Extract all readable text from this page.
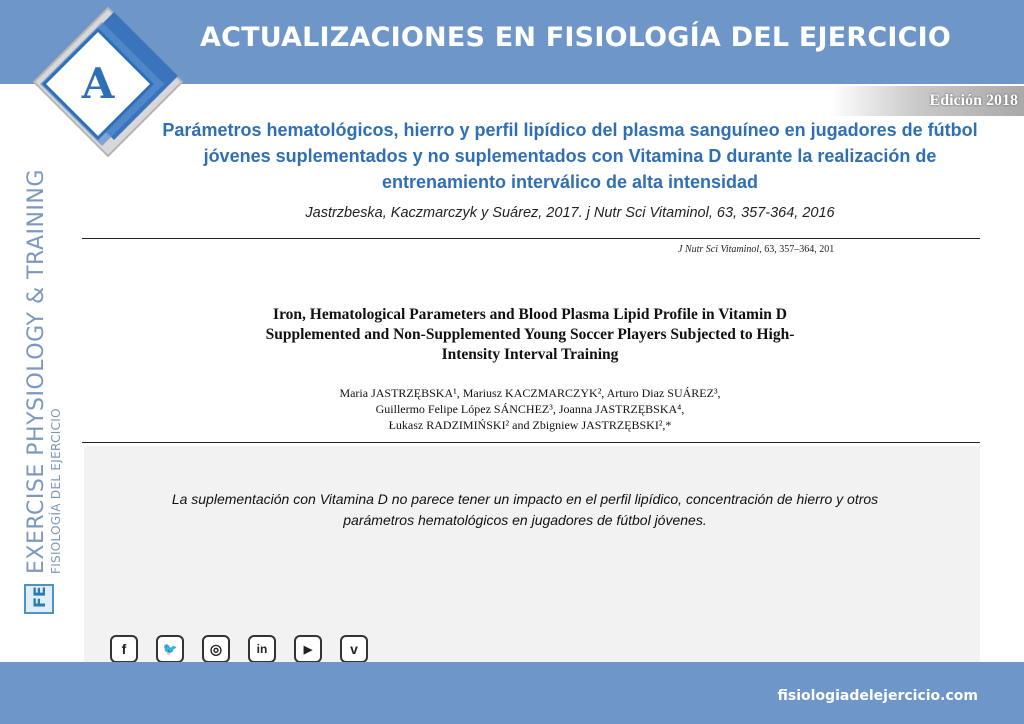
ACTUALIZACIONES EN FISIOLOGÍA DEL EJERCICIO
Edición 2018
A
FE
EXERCISE PHYSIOLOGY & TRAINING FISIOLOGÍA DEL EJERCICIO
Parámetros hematológicos, hierro y perfil lipídico del plasma sanguíneo en jugadores de fútbol jóvenes suplementados y no suplementados con Vitamina D durante la realización de entrenamiento interválico de alta intensidad
Jastrzbeska, Kaczmarczyk y Suárez, 2017. j Nutr Sci Vitaminol, 63, 357-364, 2016
J Nutr Sci Vitaminol, 63, 357–364, 201
Iron, Hematological Parameters and Blood Plasma Lipid Profile in Vitamin D Supplemented and Non-Supplemented Young Soccer Players Subjected to High-Intensity Interval Training
Maria JASTRZĘBSKA¹, Mariusz KACZMARCZYK², Arturo Diaz SUÁREZ³,
Guillermo Felipe López SÁNCHEZ³, Joanna JASTRZĘBSKA⁴,
Łukasz RADZIMIŃSKI² and Zbigniew JASTRZĘBSKI²,*
La suplementación con Vitamina D no parece tener un impacto en el perfil lipídico, concentración de hierro y otros parámetros hematológicos en jugadores de fútbol jóvenes.
f	🐦	◎	in	▶	v
fisiologiadelejercicio.com
